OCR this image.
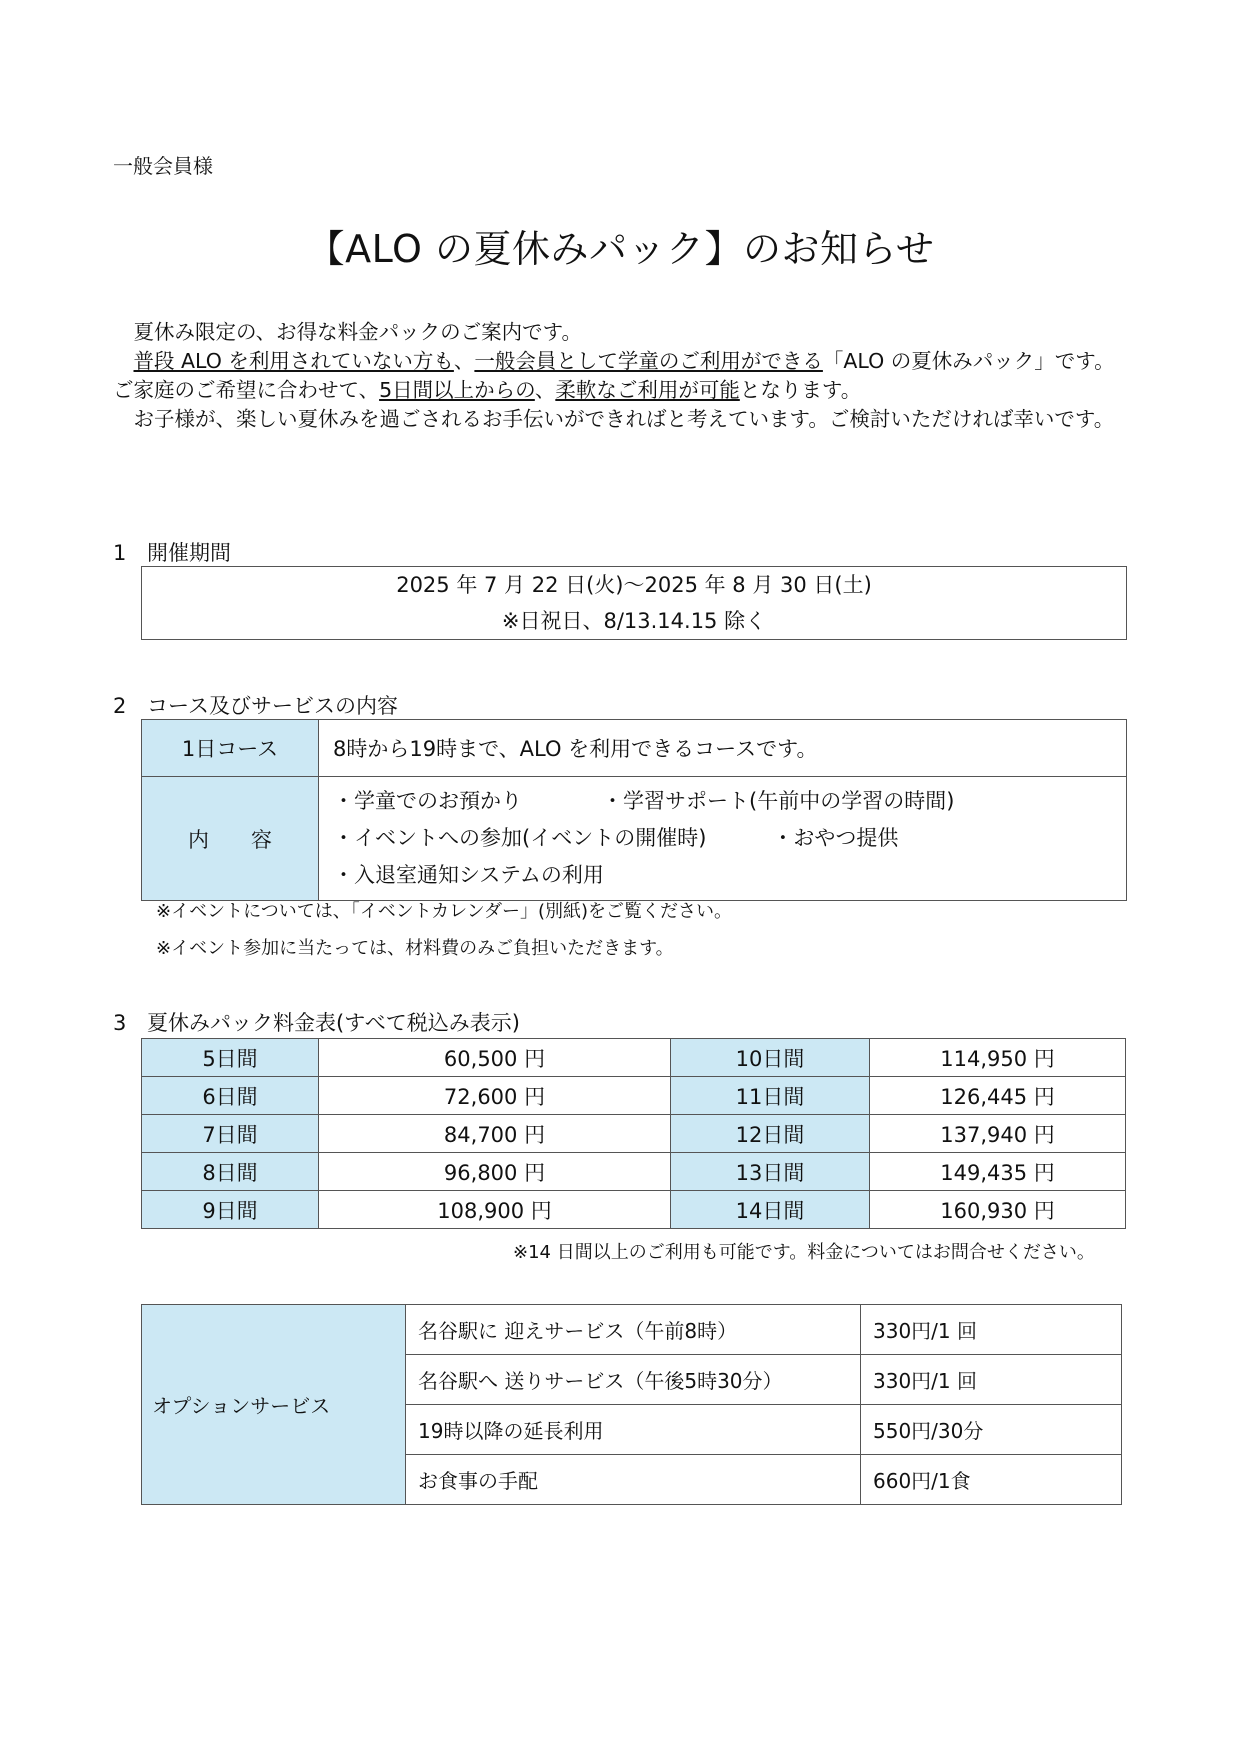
一般会員様
【ALO の夏休みパック】のお知らせ

　夏休み限定の、お得な料金パックのご案内です。

　普段 ALO を利用されていない方も、一般会員として学童のご利用ができる「ALO の夏休みパック」です。ご家庭のご希望に合わせて、5日間以上からの、柔軟なご利用が可能となります。

　お子様が、楽しい夏休みを過ごされるお手伝いができればと考えています。ご検討いただければ幸いです。

1 開催期間
2025 年 7 月 22 日(火)～2025 年 8 月 30 日(土)
※日祝日、8/13.14.15 除く
2 コース及びサービスの内容
1日コース	8時から19時まで、ALO を利用できるコースです。
内　　容	・学童でのお預かり ・学習サポート(午前中の学習の時間)
・イベントへの参加(イベントの開催時) ・おやつ提供
・入退室通知システムの利用
※イベントについては、「イベントカレンダー」(別紙)をご覧ください。
※イベント参加に当たっては、材料費のみご負担いただきます。
3 夏休みパック料金表(すべて税込み表示)
5日間	60,500 円	10日間	114,950 円
6日間	72,600 円	11日間	126,445 円
7日間	84,700 円	12日間	137,940 円
8日間	96,800 円	13日間	149,435 円
9日間	108,900 円	14日間	160,930 円
※14 日間以上のご利用も可能です。料金についてはお問合せください。
オプションサービス	名谷駅に 迎えサービス（午前8時）	330円/1 回
	名谷駅へ 送りサービス（午後5時30分）	330円/1 回
	19時以降の延長利用	550円/30分
	お食事の手配	660円/1食
